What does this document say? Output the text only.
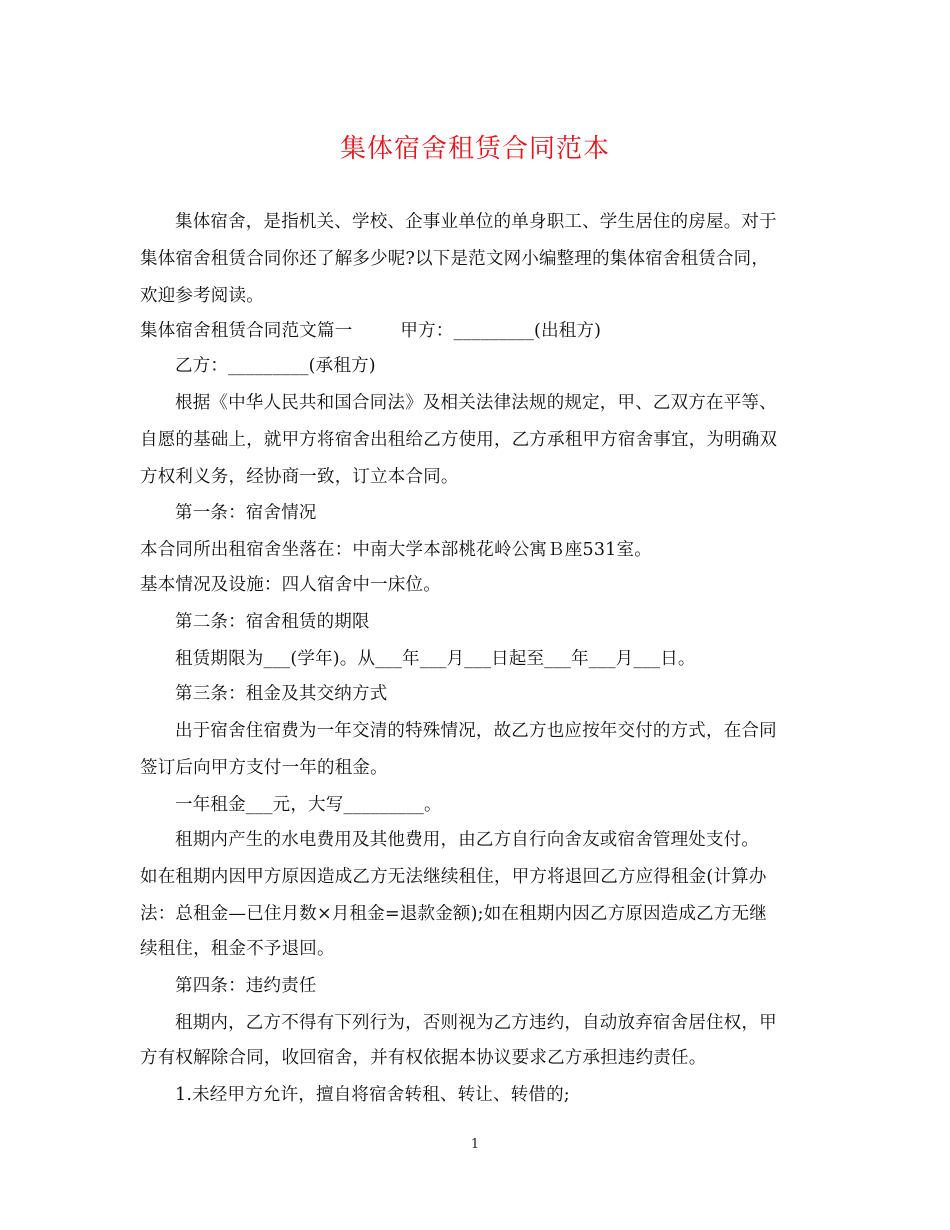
集体宿舍租赁合同范本
集体宿舍，是指机关、学校、企事业单位的单身职工、学生居住的房屋。对于
集体宿舍租赁合同你还了解多少呢?以下是范文网小编整理的集体宿舍租赁合同，
欢迎参考阅读。
集体宿舍租赁合同范文篇一	甲方：_________(出租方)
乙方：_________(承租方)
根据《中华人民共和国合同法》及相关法律法规的规定，甲、乙双方在平等、
自愿的基础上，就甲方将宿舍出租给乙方使用，乙方承租甲方宿舍事宜，为明确双
方权利义务，经协商一致，订立本合同。
第一条：宿舍情况
本合同所出租宿舍坐落在：中南大学本部桃花岭公寓Ｂ座531室。
基本情况及设施：四人宿舍中一床位。
第二条：宿舍租赁的期限
租赁期限为___(学年)。从___年___月___日起至___年___月___日。
第三条：租金及其交纳方式
出于宿舍住宿费为一年交清的特殊情况，故乙方也应按年交付的方式，在合同
签订后向甲方支付一年的租金。
一年租金___元，大写_________。
租期内产生的水电费用及其他费用，由乙方自行向舍友或宿舍管理处支付。
如在租期内因甲方原因造成乙方无法继续租住，甲方将退回乙方应得租金(计算办
法：总租金—已住月数×月租金=退款金额);如在租期内因乙方原因造成乙方无继
续租住，租金不予退回。
第四条：违约责任
租期内，乙方不得有下列行为，否则视为乙方违约，自动放弃宿舍居住权，甲
方有权解除合同，收回宿舍，并有权依据本协议要求乙方承担违约责任。
1.未经甲方允许，擅自将宿舍转租、转让、转借的;
1
